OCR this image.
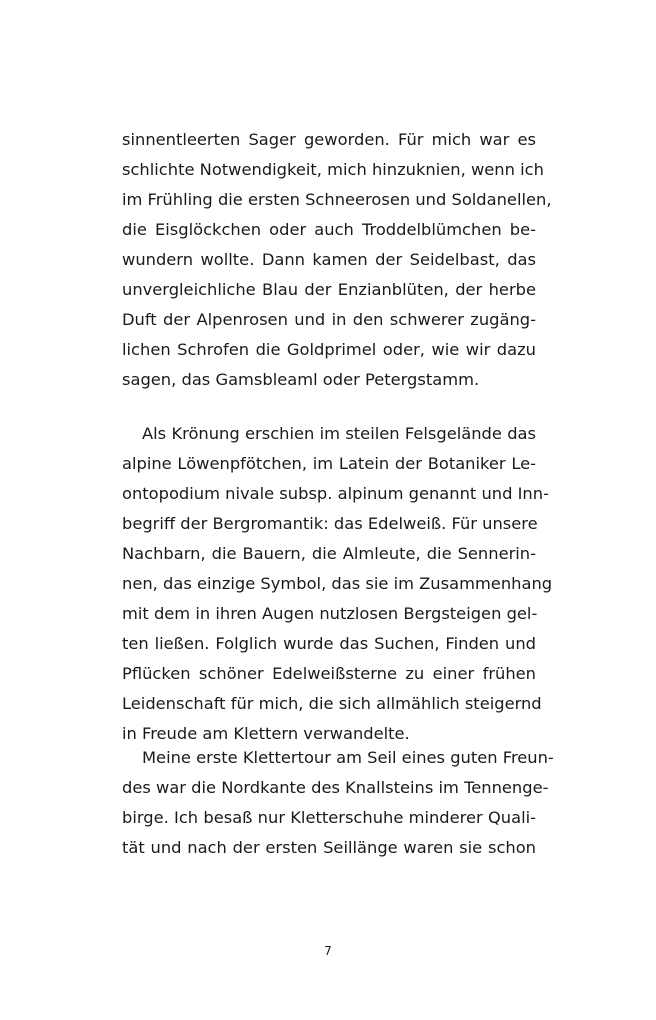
sinnentleerten Sager geworden. Für mich war es
schlichte Notwendigkeit, mich hinzuknien, wenn ich
im Frühling die ersten Schneerosen und Soldanellen,
die Eisglöckchen oder auch Troddelblümchen be-
wundern wollte. Dann kamen der Seidelbast, das
unvergleichliche Blau der Enzianblüten, der herbe
Duft der Alpenrosen und in den schwerer zugäng-
lichen Schrofen die Goldprimel oder, wie wir dazu
sagen, das Gamsbleaml oder Petergstamm.
Als Krönung erschien im steilen Felsgelände das
alpine Löwenpfötchen, im Latein der Botaniker Le-
ontopodium nivale subsp. alpinum genannt und Inn-
begriff der Bergromantik: das Edelweiß. Für unsere
Nachbarn, die Bauern, die Almleute, die Sennerin-
nen, das einzige Symbol, das sie im Zusammenhang
mit dem in ihren Augen nutzlosen Bergsteigen gel-
ten ließen. Folglich wurde das Suchen, Finden und
Pflücken schöner Edelweißsterne zu einer frühen
Leidenschaft für mich, die sich allmählich steigernd
in Freude am Klettern verwandelte.
Meine erste Klettertour am Seil eines guten Freun-
des war die Nordkante des Knallsteins im Tennenge-
birge. Ich besaß nur Kletterschuhe minderer Quali-
tät und nach der ersten Seillänge waren sie schon
7
